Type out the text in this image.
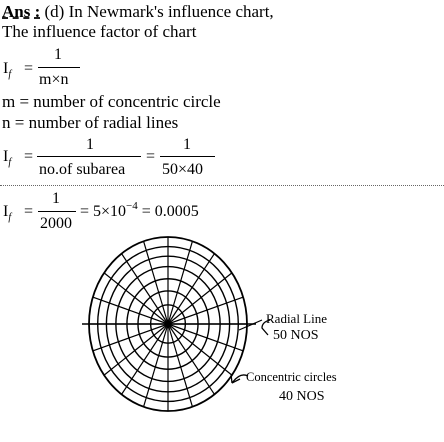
Ans : (d) In Newmark's influence chart,
The influence factor of chart
$I_f$ =
1
m×n
m = number of concentric circle
n = number of radial lines
$I_f$ =
1
no.of subarea
=
1
50×40
$I_f$ =
1
2000
= $5\times 10^{-4} = 0.0005$
Radial Line
50 NOS
Concentric circles
40 NOS
